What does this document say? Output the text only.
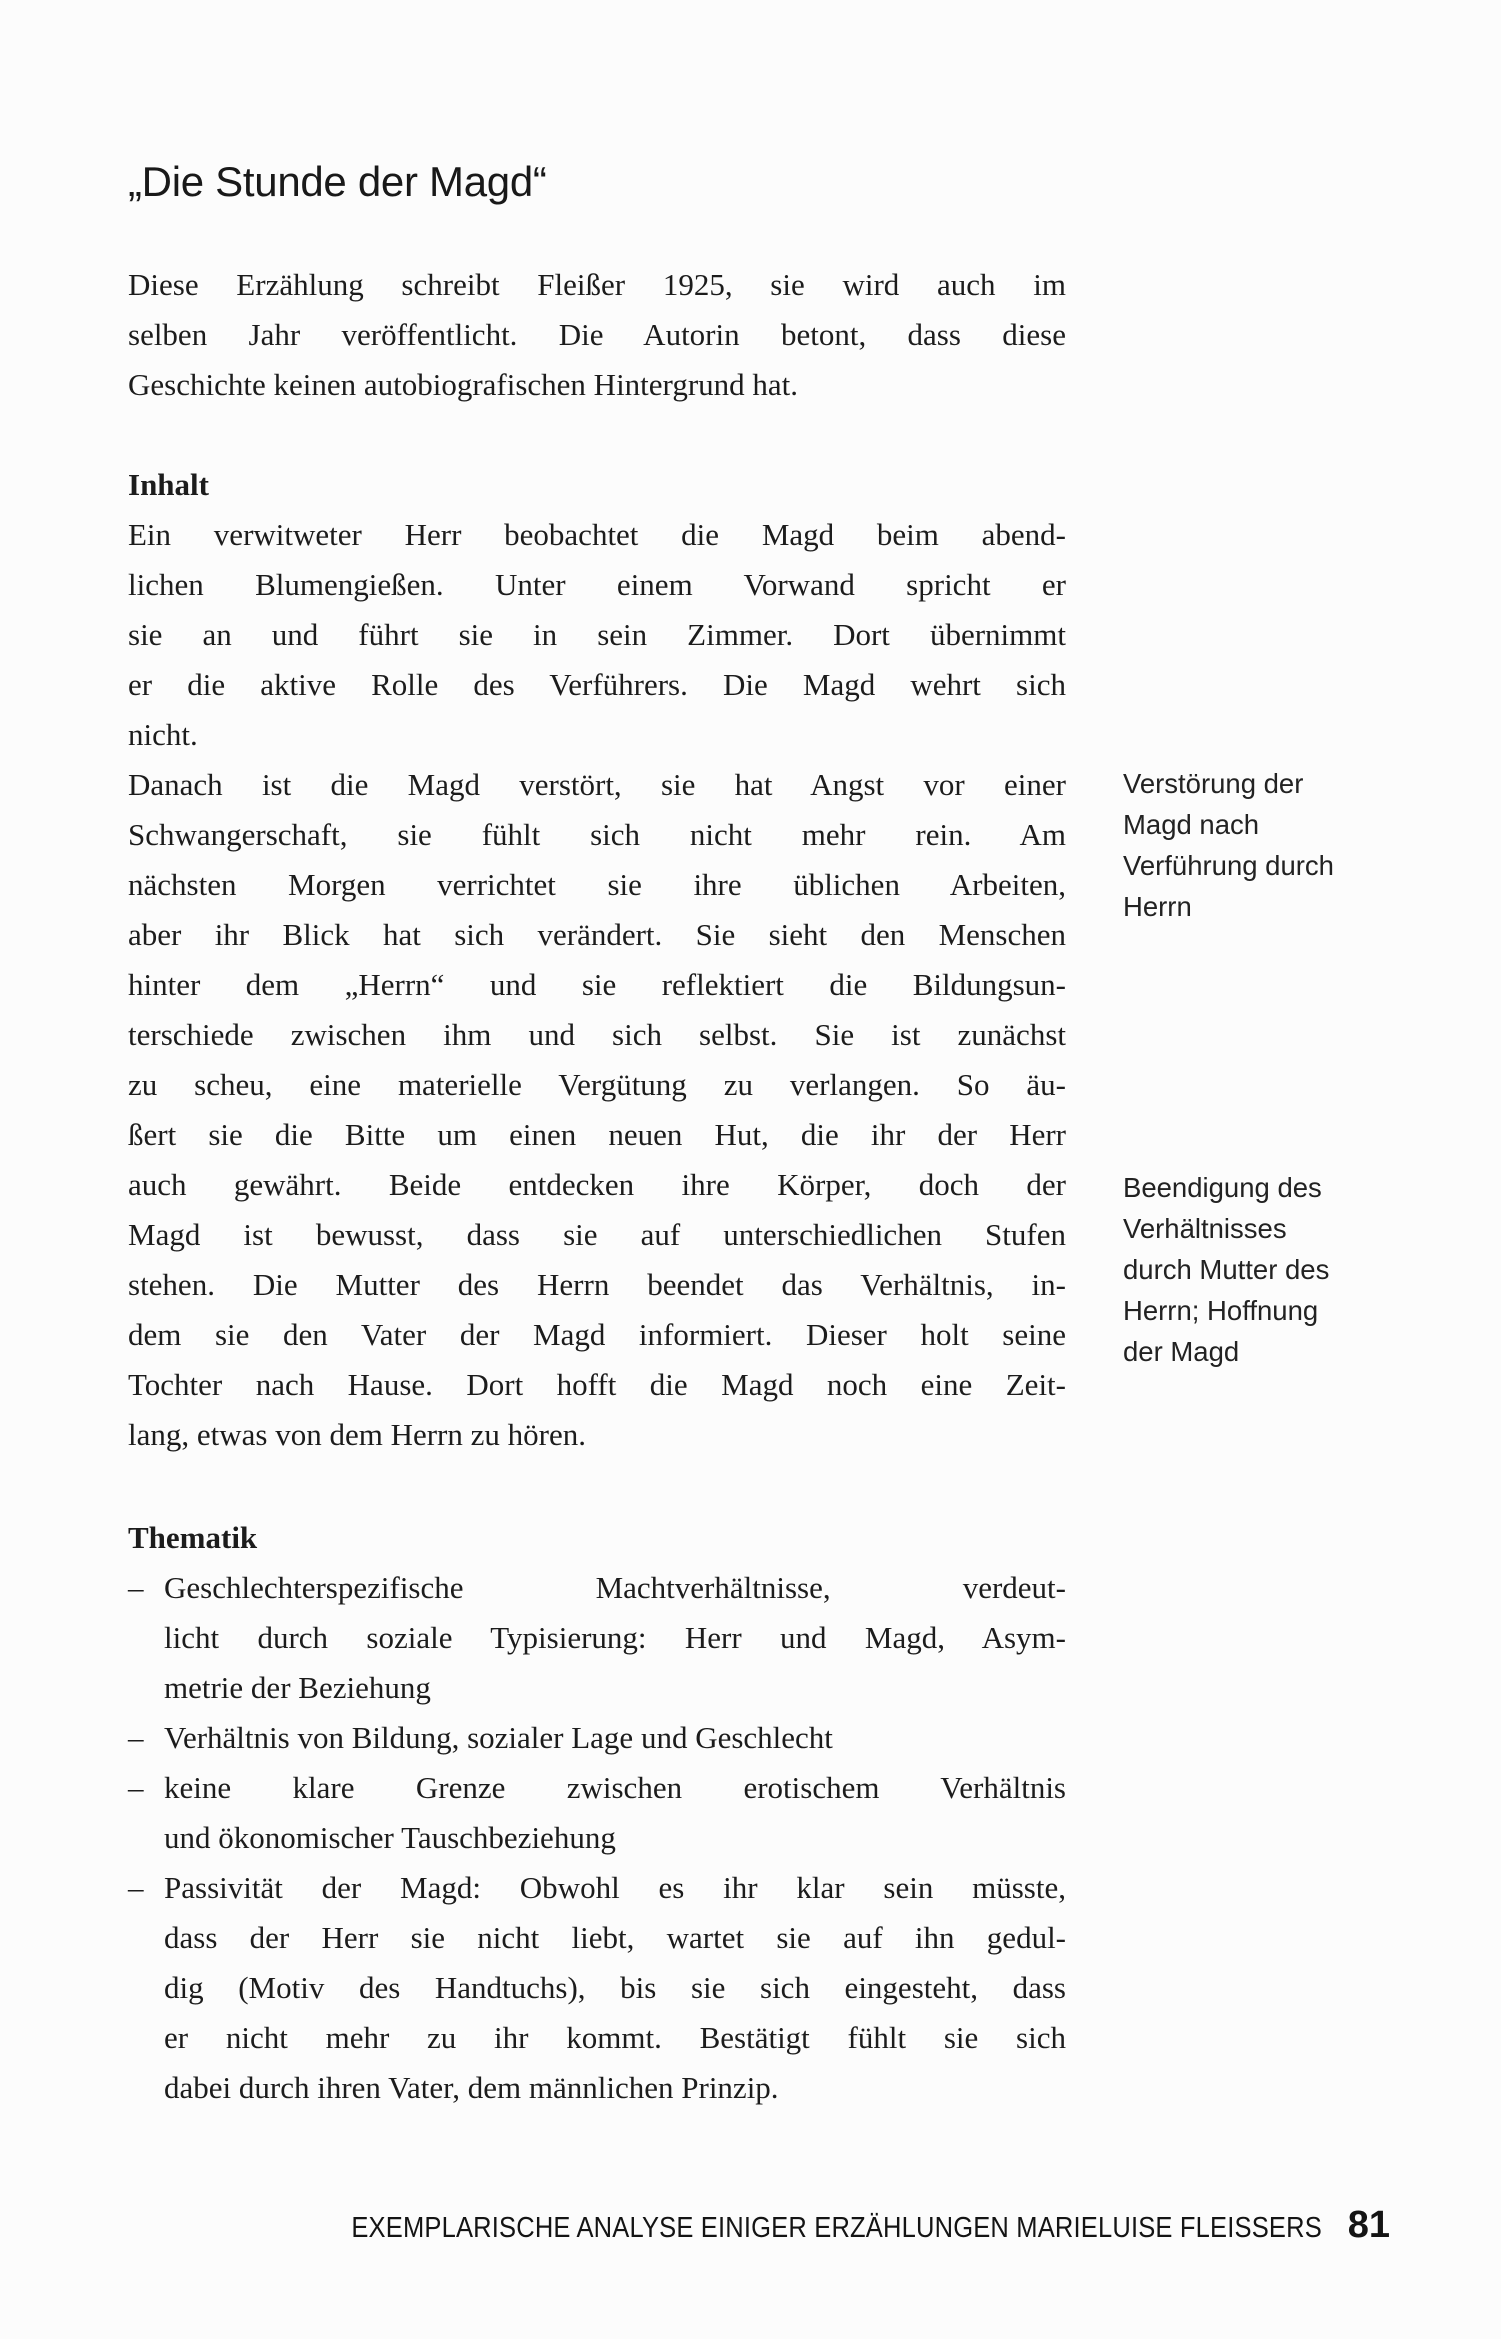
„Die Stunde der Magd“
Diese Erzählung schreibt Fleißer 1925, sie wird auch im
selben Jahr veröffentlicht. Die Autorin betont, dass diese
Geschichte keinen autobiografischen Hintergrund hat.
Inhalt
Ein verwitweter Herr beobachtet die Magd beim abend-
lichen Blumengießen. Unter einem Vorwand spricht er
sie an und führt sie in sein Zimmer. Dort übernimmt
er die aktive Rolle des Verführers. Die Magd wehrt sich
nicht.
Danach ist die Magd verstört, sie hat Angst vor einer
Schwangerschaft, sie fühlt sich nicht mehr rein. Am
nächsten Morgen verrichtet sie ihre üblichen Arbeiten,
aber ihr Blick hat sich verändert. Sie sieht den Menschen
hinter dem „Herrn“ und sie reflektiert die Bildungsun-
terschiede zwischen ihm und sich selbst. Sie ist zunächst
zu scheu, eine materielle Vergütung zu verlangen. So äu-
ßert sie die Bitte um einen neuen Hut, die ihr der Herr
auch gewährt. Beide entdecken ihre Körper, doch der
Magd ist bewusst, dass sie auf unterschiedlichen Stufen
stehen. Die Mutter des Herrn beendet das Verhältnis, in-
dem sie den Vater der Magd informiert. Dieser holt seine
Tochter nach Hause. Dort hofft die Magd noch eine Zeit-
lang, etwas von dem Herrn zu hören.
Verstörung der
Magd nach
Verführung durch
Herrn
Beendigung des
Verhältnisses
durch Mutter des
Herrn; Hoffnung
der Magd
Thematik
– Geschlechterspezifische Machtverhältnisse, verdeut-
licht durch soziale Typisierung: Herr und Magd, Asym-
metrie der Beziehung
– Verhältnis von Bildung, sozialer Lage und Geschlecht
– keine klare Grenze zwischen erotischem Verhältnis
und ökonomischer Tauschbeziehung
– Passivität der Magd: Obwohl es ihr klar sein müsste,
dass der Herr sie nicht liebt, wartet sie auf ihn gedul-
dig (Motiv des Handtuchs), bis sie sich eingesteht, dass
er nicht mehr zu ihr kommt. Bestätigt fühlt sie sich
dabei durch ihren Vater, dem männlichen Prinzip.
EXEMPLARISCHE ANALYSE EINIGER ERZÄHLUNGEN MARIELUISE FLEISSERS 81
